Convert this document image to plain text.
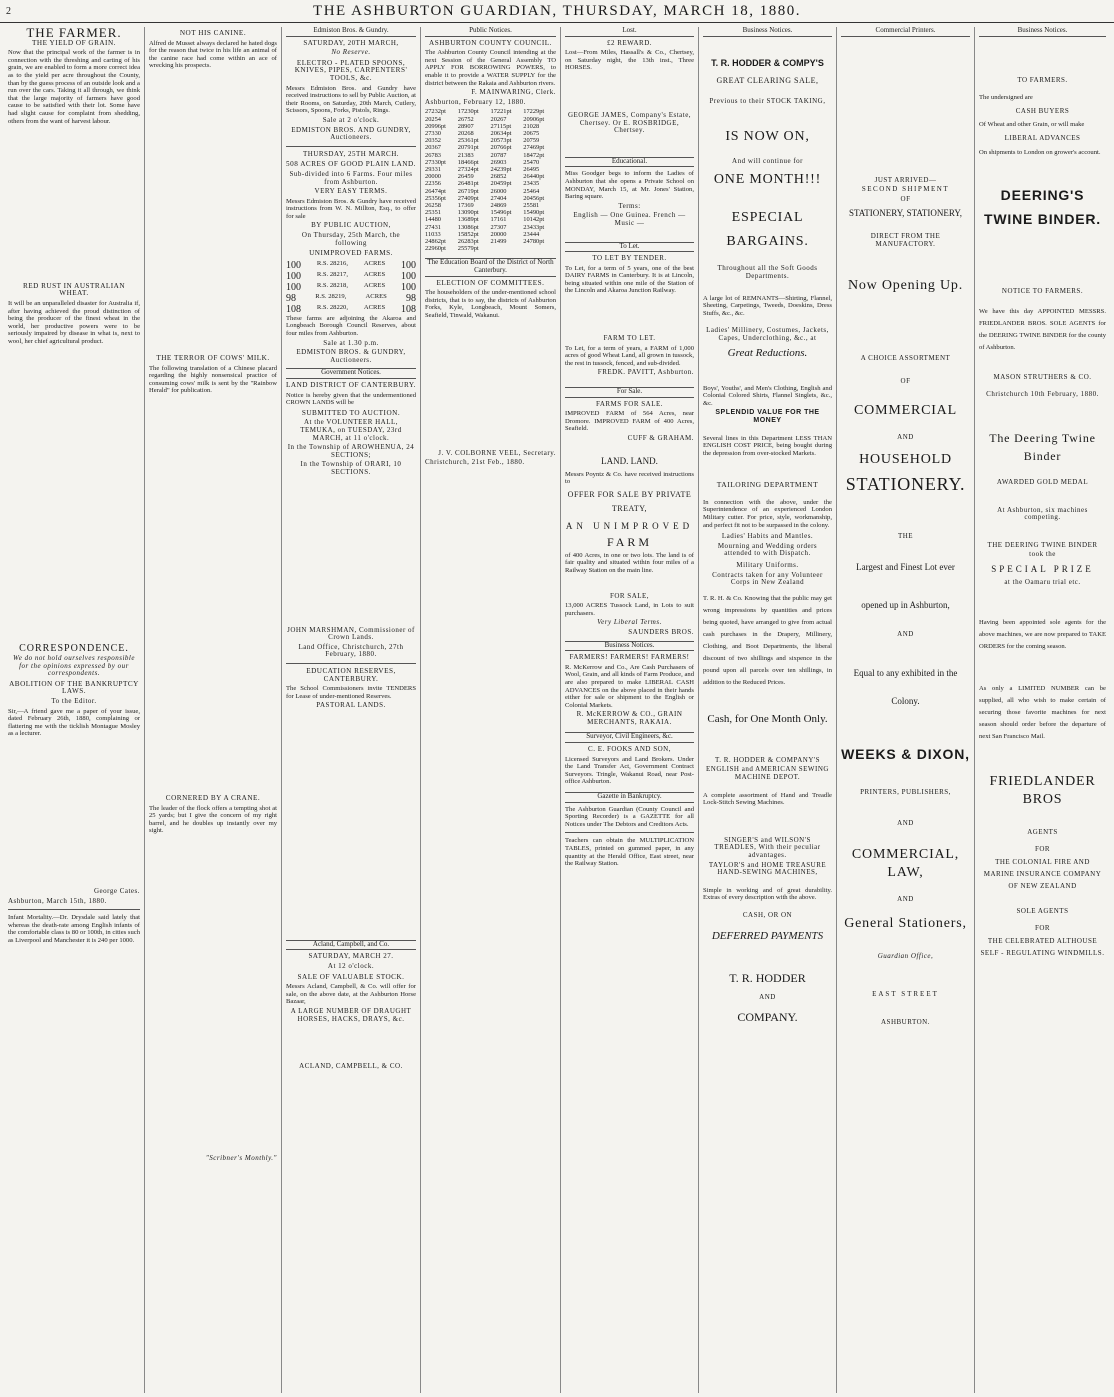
2	THE ASHBURTON GUARDIAN, THURSDAY, MARCH 18, 1880.
THE FARMER.
THE YIELD OF GRAIN.
Now that the principal work of the farmer is in connection with the threshing and carting of his grain, we are enabled to form a more correct idea as to the yield per acre throughout the County, than by the guess process of an outside look and a run over the cars. Taking it all through, we think that the large majority of farmers have good cause to be satisfied with their lot. Some have had slight cause for complaint from shedding, others from the want of harvest labour.

RED RUST IN AUSTRALIAN WHEAT.
It will be an unparalleled disaster for Australia if, after having achieved the proud distinction of being the producer of the finest wheat in the world, her productive powers were to be seriously impaired by disease in what is, next to wool, her chief agricultural product.
CORRESPONDENCE.
We do not hold ourselves responsible for the opinions expressed by our correspondents.
ABOLITION OF THE BANKRUPTCY LAWS.
To the Editor.
Sir,—A friend gave me a paper of your issue, dated February 26th, 1880, complaining or flattering me with the ticklish Montague Mosley as a lecturer.
George Cates.
Ashburton, March 15th, 1880.
Infant Mortality.—Dr. Drysdale said lately that whereas the death-rate among English infants of the comfortable class is 80 or 100th, in cities such as Liverpool and Manchester it is 240 per 1000.
NOT HIS CANINE.
Alfred de Musset always declared he hated dogs for the reason that twice in his life an animal of the canine race had come within an ace of wrecking his prospects.
THE TERROR OF COWS' MILK.
The following translation of a Chinese placard regarding the highly nonsensical practice of consuming cows' milk is sent by the "Rainbow Herald" for publication.
CORNERED BY A CRANE.
The leader of the flock offers a tempting shot at 25 yards; but I give the concern of my right barrel, and he doubles up instantly over my sight.
"Scribner's Monthly."
Edmiston Bros. & Gundry.
SATURDAY, 20TH MARCH,
No Reserve.
ELECTRO - PLATED SPOONS, KNIVES, PIPES, CARPENTERS' TOOLS, &c.
Messrs Edmiston Bros. and Gundry have received instructions to sell by Public Auction, at their Rooms, on Saturday, 20th March, Cutlery, Scissors, Spoons, Forks, Pistols, Rings.
Sale at 2 o'clock.
EDMISTON BROS. AND GUNDRY, Auctioneers.
THURSDAY, 25TH MARCH.
508 ACRES OF GOOD PLAIN LAND.
Sub-divided into 6 Farms. Four miles from Ashburton.
VERY EASY TERMS.
Messrs Edmiston Bros. & Gundry have received instructions from W. N. Millton, Esq., to offer for sale
BY PUBLIC AUCTION,
On Thursday, 25th March, the following
UNIMPROVED FARMS.
100 R.S. 28216, ACRES 100
100 R.S. 28217, ACRES 100
100 R.S. 28218, ACRES 100
98	R.S. 28219,	ACRES 98
108 R.S. 28220, ACRES 108
These farms are adjoining the Akaroa and Longbeach Borough Council Reserves, about four miles from Ashburton.
Sale at 1.30 p.m.
EDMISTON BROS. & GUNDRY, Auctioneers.
Government Notices.
LAND DISTRICT OF CANTERBURY.
Notice is hereby given that the undermentioned CROWN LANDS will be
SUBMITTED TO AUCTION.
At the VOLUNTEER HALL, TEMUKA, on TUESDAY, 23rd MARCH, at 11 o'clock.
In the Township of AROWHENUA, 24 SECTIONS;
In the Township of ORARI, 10 SECTIONS.
JOHN MARSHMAN, Commissioner of Crown Lands.
Land Office, Christchurch, 27th February, 1880.
EDUCATION RESERVES, CANTERBURY.
The School Commissioners invite TENDERS for Lease of under-mentioned Reserves.
PASTORAL LANDS.
Acland, Campbell, and Co.
SATURDAY, MARCH 27.
At 12 o'clock.
SALE OF VALUABLE STOCK.
Messrs Acland, Campbell, & Co. will offer for sale, on the above date, at the Ashburton Horse Bazaar,
A LARGE NUMBER OF DRAUGHT HORSES, HACKS, DRAYS, &c.
ACLAND, CAMPBELL, & CO.
Public Notices.
ASHBURTON COUNTY COUNCIL.
The Ashburton County Council intending at the next Session of the General Assembly TO APPLY FOR BORROWING POWERS, to enable it to provide a WATER SUPPLY for the district between the Rakaia and Ashburton rivers.
F. MAINWARING, Clerk.
Ashburton, February 12, 1880.
27232pt	17230pt	17221pt	17229pt
20254	26752	20267	20906pt
20996pt	28907	27115pt	21028
27330	20268	20634pt	20675
20352	25361pt	20573pt	20759
20367	20791pt	20766pt	27469pt
26783	21383	20787	18472pt
27330pt	18466pt	26903	25470
29331	27324pt	24239pt	26495
20000	26459	26852	26440pt
22356	26481pt	20459pt	23435
26474pt	26719pt	26000	25464
25356pt	27409pt	27404	20456pt
26258	17369	24869	25581
25351	13090pt	15496pt	15490pt
14480	13689pt	17161	10142pt
27431	13086pt	27307	23433pt
11033	15852pt	20000	23444
24862pt	26283pt	21499	24780pt
22960pt	25579pt		
The Education Board of the District of North Canterbury.
ELECTION OF COMMITTEES.
The householders of the under-mentioned school districts, that is to say, the districts of Ashburton Forks, Kyle, Longbeach, Mount Somers, Seafield, Tinwald, Wakanui.
J. V. COLBORNE VEEL, Secretary.
Christchurch, 21st Feb., 1880.
Lost.
£2 REWARD.
Lost—From Miles, Hassall's & Co., Chertsey, on Saturday night, the 13th inst., Three HORSES.
GEORGE JAMES, Company's Estate, Chertsey. Or E. ROSBRIDGE, Chertsey.
Educational.
Miss Goodger begs to inform the Ladies of Ashburton that she opens a Private School on MONDAY, March 15, at Mr. Jones' Station, Baring square.
Terms:
English — One Guinea. French — Music —
To Let.
TO LET BY TENDER.
To Let, for a term of 5 years, one of the best DAIRY FARMS in Canterbury. It is at Lincoln, being situated within one mile of the Station of the Lincoln and Akaroa Junction Railway.
FARM TO LET.
To Let, for a term of years, a FARM of 1,000 acres of good Wheat Land, all grown in tussock, the rest in tussock, fenced, and sub-divided.
FREDK. PAVITT, Ashburton.
For Sale.
FARMS FOR SALE.
IMPROVED FARM of 564 Acres, near Dromore. IMPROVED FARM of 400 Acres, Seafield.
CUFF & GRAHAM.
LAND. LAND.
Messrs Poyntz & Co. have received instructions to
OFFER FOR SALE BY PRIVATE TREATY,
AN UNIMPROVED
FARM
of 400 Acres, in one or two lots. The land is of fair quality and situated within four miles of a Railway Station on the main line.
FOR SALE,
13,000 ACRES Tussock Land, in Lots to suit purchasers.
Very Liberal Terms.
SAUNDERS BROS.
Business Notices.
FARMERS! FARMERS! FARMERS!
R. McKerrow and Co., Are Cash Purchasers of Wool, Grain, and all kinds of Farm Produce, and are also prepared to make LIBERAL CASH ADVANCES on the above placed in their hands either for sale or shipment to the English or Colonial Markets.
R. McKERROW & CO., GRAIN MERCHANTS, RAKAIA.
Surveyor, Civil Engineers, &c.
C. E. FOOKS AND SON,
Licensed Surveyors and Land Brokers. Under the Land Transfer Act, Government Contract Surveyors. Tringle, Wakanui Road, near Post-office Ashburton.
Gazette in Bankruptcy.
The Ashburton Guardian (County Council and Sporting Recorder) is a GAZETTE for all Notices under The Debtors and Creditors Acts.
Teachers can obtain the MULTIPLICATION TABLES, printed on gummed paper, in any quantity at the Herald Office, East street, near the Railway Station.
Business Notices.
T. R. HODDER & COMPY'S
GREAT CLEARING SALE,
Previous to their STOCK TAKING,
IS NOW ON,
And will continue for
ONE MONTH!!!
ESPECIAL
BARGAINS.
Throughout all the Soft Goods Departments.
A large lot of REMNANTS—Shirting, Flannel, Sheeting, Carpetings, Tweeds, Doeskins, Dress Stuffs, &c., &c.
Ladies' Millinery, Costumes, Jackets, Capes, Underclothing, &c., at
Great Reductions.
Boys', Youths', and Men's Clothing, English and Colonial Colored Shirts, Flannel Singlets, &c., &c.
SPLENDID VALUE FOR THE MONEY
Several lines in this Department LESS THAN ENGLISH COST PRICE, being bought during the depression from over-stocked Markets.
TAILORING DEPARTMENT
In connection with the above, under the Superintendence of an experienced London Military cutter. For price, style, workmanship, and perfect fit not to be surpassed in the colony.
Ladies' Habits and Mantles.
Mourning and Wedding orders attended to with Dispatch.
Military Uniforms.
Contracts taken for any Volunteer Corps in New Zealand
T. R. H. & Co. Knowing that the public may get wrong impressions by quantities and prices being quoted, have arranged to give from actual cash purchases in the Drapery, Millinery, Clothing, and Boot Departments, the liberal discount of two shillings and sixpence in the pound upon all parcels over ten shillings, in addition to the Reduced Prices.
Cash, for One Month Only.
T. R. HODDER & COMPANY'S
ENGLISH and AMERICAN SEWING MACHINE DEPOT.
A complete assortment of Hand and Treadle Lock-Stitch Sewing Machines.
SINGER'S and WILSON'S TREADLES, With their peculiar advantages.
TAYLOR'S and HOME TREASURE HAND-SEWING MACHINES,
Simple in working and of great durability. Extras of every description with the above.
CASH, OR ON
DEFERRED PAYMENTS
T. R. HODDER
AND
COMPANY.
Commercial Printers.
JUST ARRIVED—
SECOND SHIPMENT
OF
STATIONERY, STATIONERY,
DIRECT FROM THE MANUFACTORY.
Now Opening Up.
A CHOICE ASSORTMENT
OF
COMMERCIAL
AND
HOUSEHOLD
STATIONERY.
THE
Largest and Finest Lot ever
opened up in Ashburton,
AND
Equal to any exhibited in the Colony.
WEEKS & DIXON,
PRINTERS, PUBLISHERS,
AND
COMMERCIAL, LAW,
AND
General Stationers,
Guardian Office,
EAST STREET
ASHBURTON.
Business Notices.
TO FARMERS.
The undersigned are
CASH BUYERS
Of Wheat and other Grain, or will make
LIBERAL ADVANCES
On shipments to London on grower's account.
DEERING'S
TWINE BINDER.
NOTICE TO FARMERS.
We have this day APPOINTED MESSRS. FRIEDLANDER BROS. SOLE AGENTS for the DEERING TWINE BINDER for the county of Ashburton.
MASON STRUTHERS & CO.
Christchurch 10th February, 1880.
The Deering Twine Binder
AWARDED GOLD MEDAL
At Ashburton, six machines competing.
THE DEERING TWINE BINDER
took the
SPECIAL PRIZE
at the Oamaru trial etc.
Having been appointed sole agents for the above machines, we are now prepared to TAKE ORDERS for the coming season.
As only a LIMITED NUMBER can be supplied, all who wish to make certain of securing those favorite machines for next season should order before the departure of next San Francisco Mail.
FRIEDLANDER BROS
AGENTS
FOR
THE COLONIAL FIRE AND MARINE INSURANCE COMPANY OF NEW ZEALAND
SOLE AGENTS
FOR
THE CELEBRATED ALTHOUSE SELF - REGULATING WINDMILLS.
